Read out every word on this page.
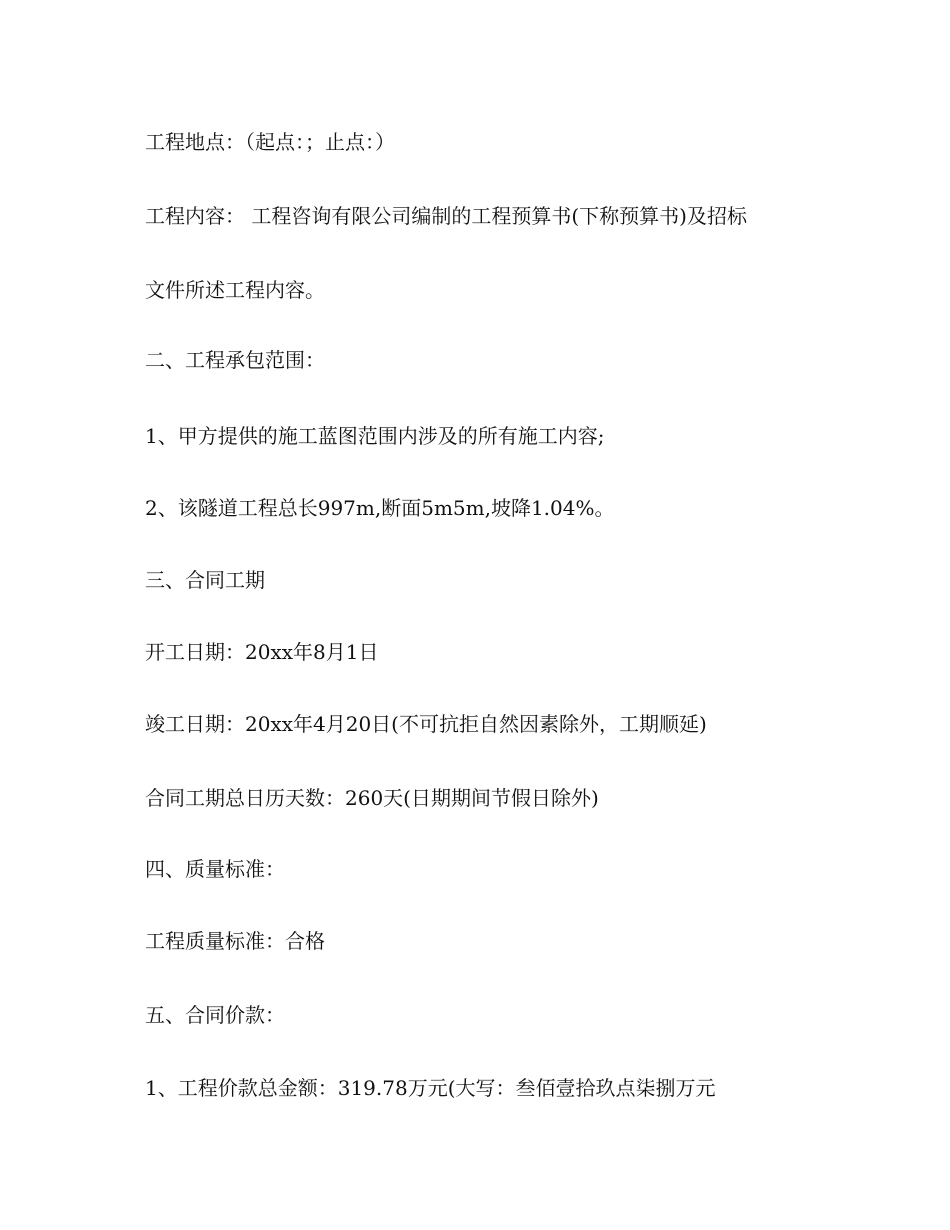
工程地点：（起点：；止点：）
工程内容： 工程咨询有限公司编制的工程预算书(下称预算书)及招标
文件所述工程内容。
二、工程承包范围：
1、甲方提供的施工蓝图范围内涉及的所有施工内容;
2、该隧道工程总长997m,断面5m5m,坡降1.04%。
三、合同工期
开工日期：20xx年8月1日
竣工日期：20xx年4月20日(不可抗拒自然因素除外，工期顺延)
合同工期总日历天数：260天(日期期间节假日除外)
四、质量标准：
工程质量标准：合格
五、合同价款：
1、工程价款总金额：319.78万元(大写：叁佰壹拾玖点柒捌万元
